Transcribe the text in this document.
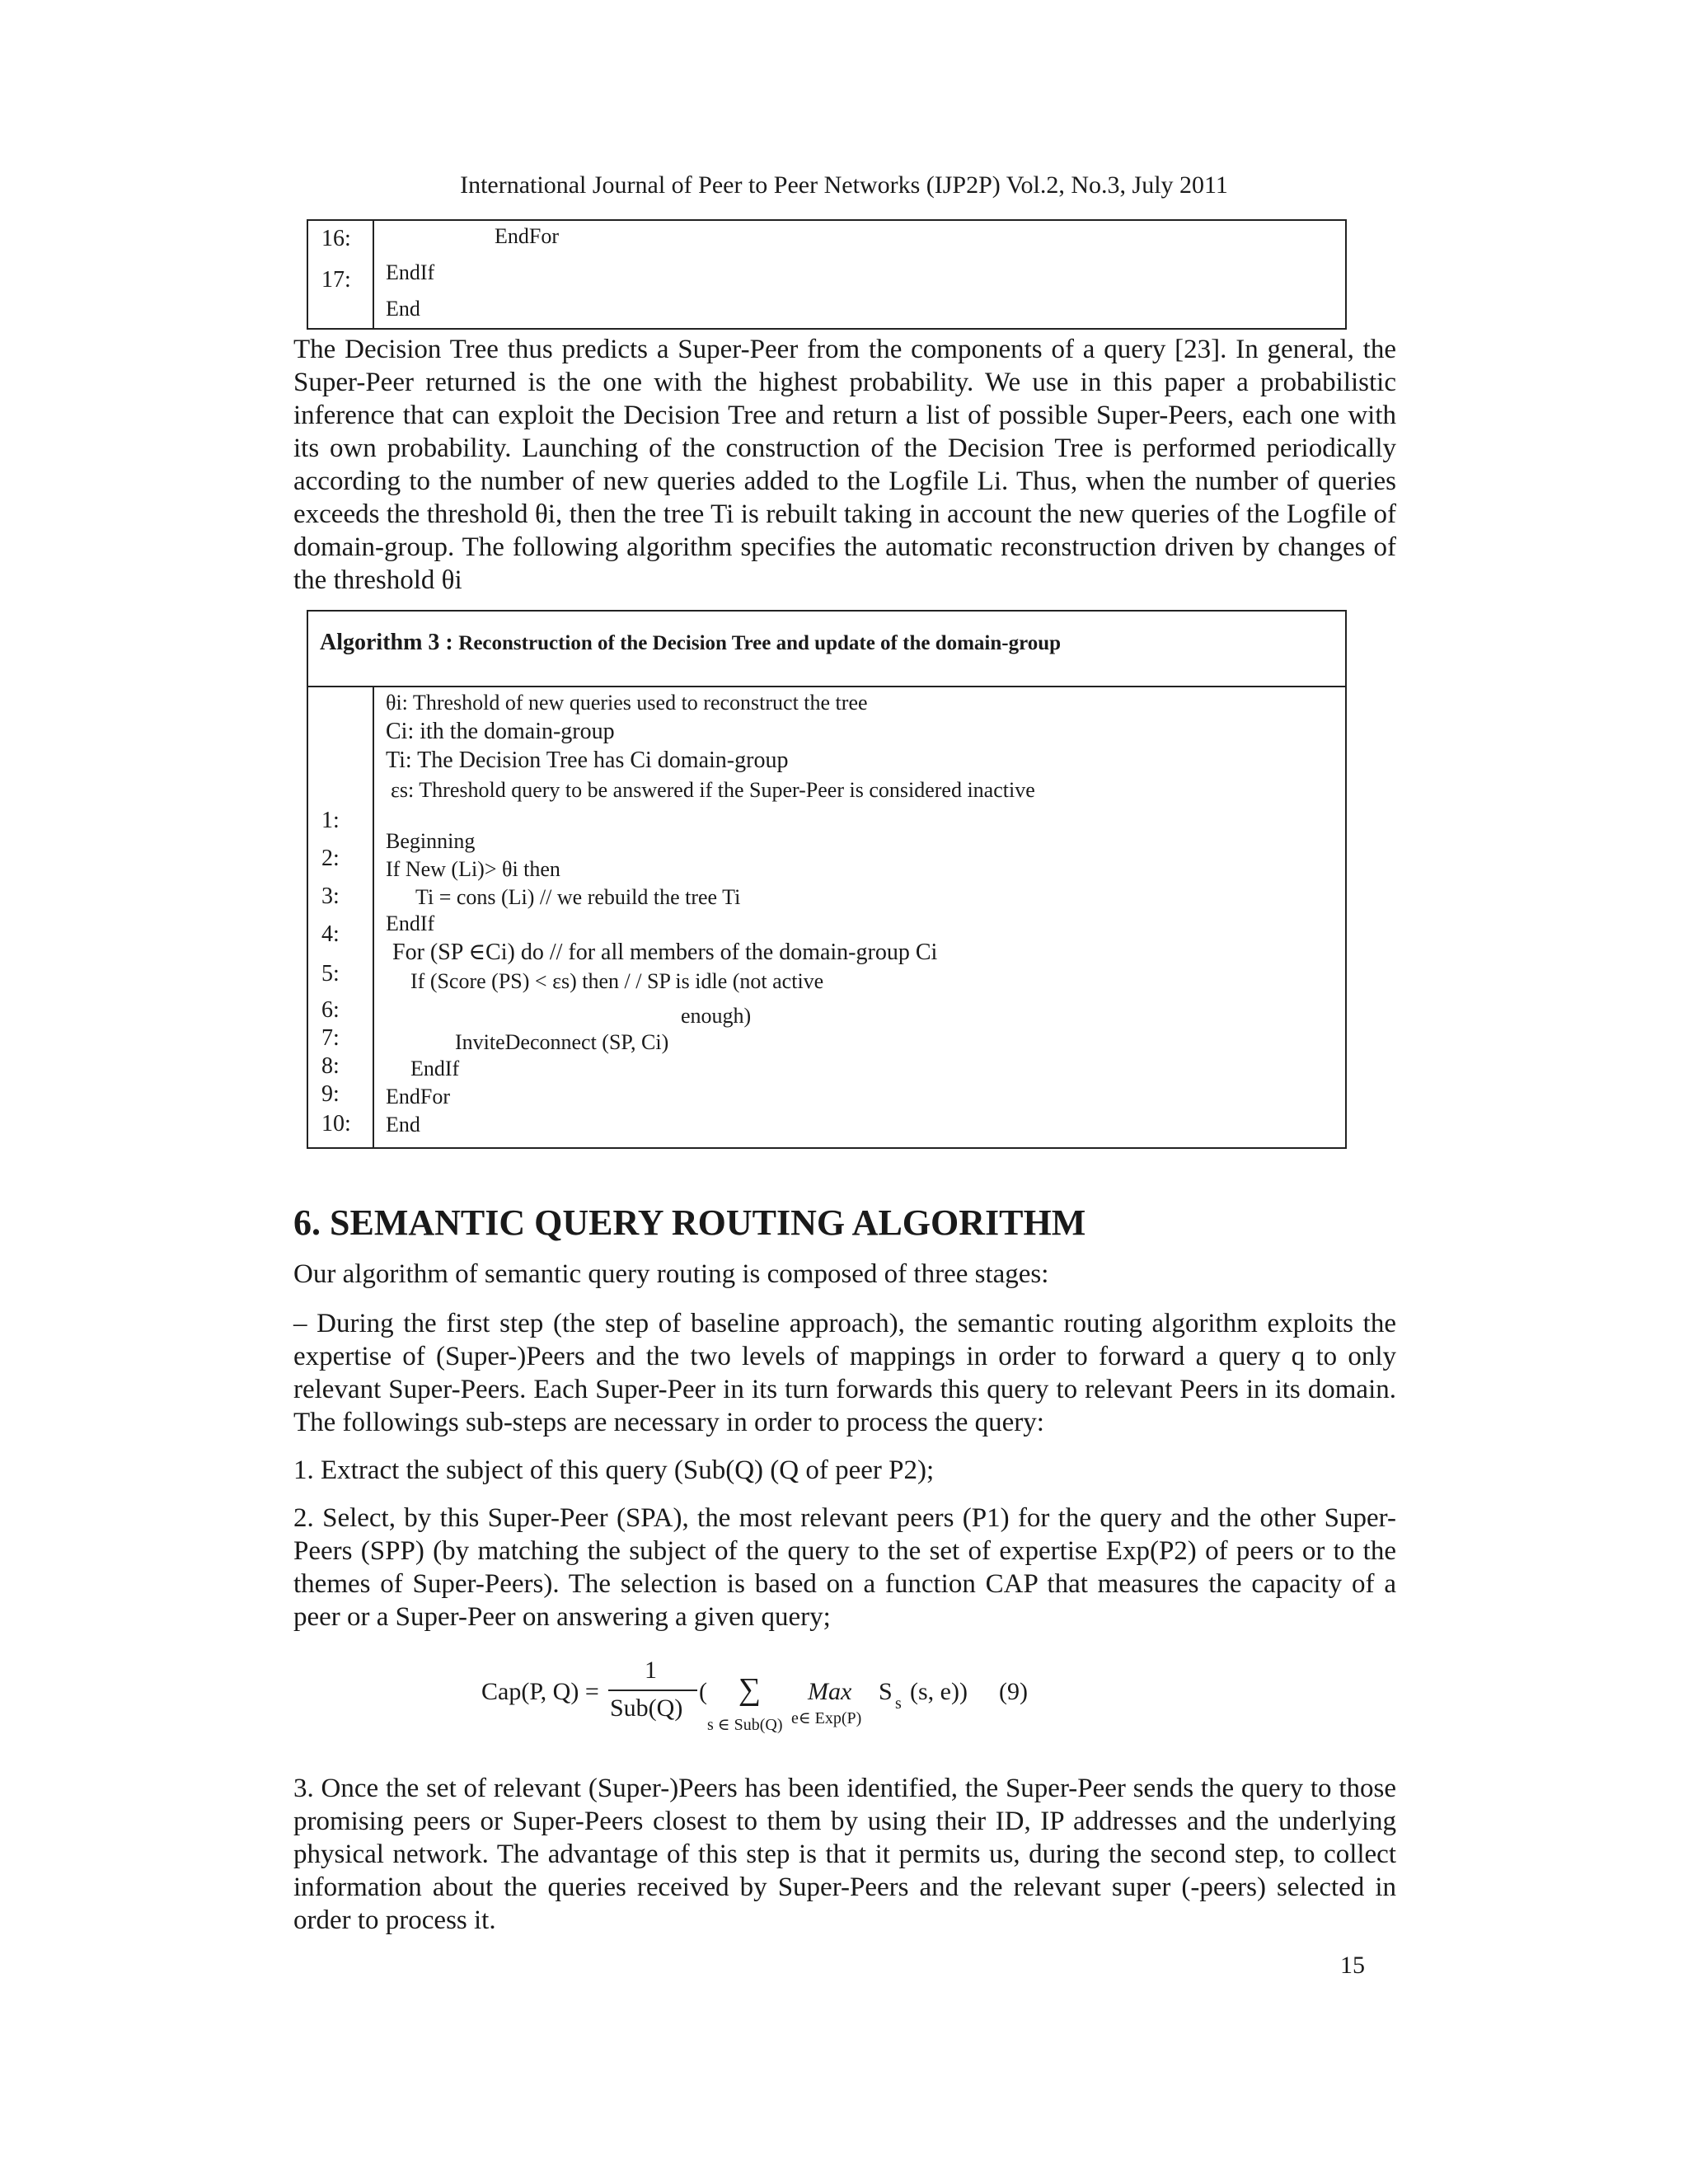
International Journal of Peer to Peer Networks (IJP2P) Vol.2, No.3, July 2011
16:
17:
EndFor
EndIf
End

The Decision Tree thus predicts a Super-Peer from the components of a query [23]. In general, the Super-Peer returned is the one with the highest probability. We use in this paper a probabilistic inference that can exploit the Decision Tree and return a list of possible Super-Peers, each one with its own probability. Launching of the construction of the Decision Tree is performed periodically according to the number of new queries added to the Logfile Li. Thus, when the number of queries exceeds the threshold θi, then the tree Ti is rebuilt taking in account the new queries of the Logfile of domain-group. The following algorithm specifies the automatic reconstruction driven by changes of the threshold θi

Algorithm 3 : Reconstruction of the Decision Tree and update of the domain-group
θi: Threshold of new queries used to reconstruct the tree
Ci: ith the domain-group
Ti: The Decision Tree has Ci domain-group
εs: Threshold query to be answered if the Super-Peer is considered inactive
1:
2:
3:
4:
5:
6:
7:
8:
9:
10:
Beginning
If New (Li)> θi then
Ti = cons (Li) // we rebuild the tree Ti
EndIf
For (SP ∈Ci) do // for all members of the domain-group Ci
If (Score (PS) < εs) then / / SP is idle (not active
enough)
InviteDeconnect (SP, Ci)
EndIf
EndFor
End
6. SEMANTIC QUERY ROUTING ALGORITHM

Our algorithm of semantic query routing is composed of three stages:

– During the first step (the step of baseline approach), the semantic routing algorithm exploits the expertise of (Super-)Peers and the two levels of mappings in order to forward a query q to only relevant Super-Peers. Each Super-Peer in its turn forwards this query to relevant Peers in its domain. The followings sub-steps are necessary in order to process the query:

1. Extract the subject of this query (Sub(Q) (Q of peer P2);

2. Select, by this Super-Peer (SPA), the most relevant peers (P1) for the query and the other Super-Peers (SPP) (by matching the subject of the query to the set of expertise Exp(P2) of peers or to the themes of Super-Peers). The selection is based on a function CAP that measures the capacity of a peer or a Super-Peer on answering a given query;

Cap(P, Q) =
1
Sub(Q)
( ∑
s ∈ Sub(Q)
Max
e∈ Exp(P)
S s (s, e)) (9)

3. Once the set of relevant (Super-)Peers has been identified, the Super-Peer sends the query to those promising peers or Super-Peers closest to them by using their ID, IP addresses and the underlying physical network. The advantage of this step is that it permits us, during the second step, to collect information about the queries received by Super-Peers and the relevant super (-peers) selected in order to process it.

15
